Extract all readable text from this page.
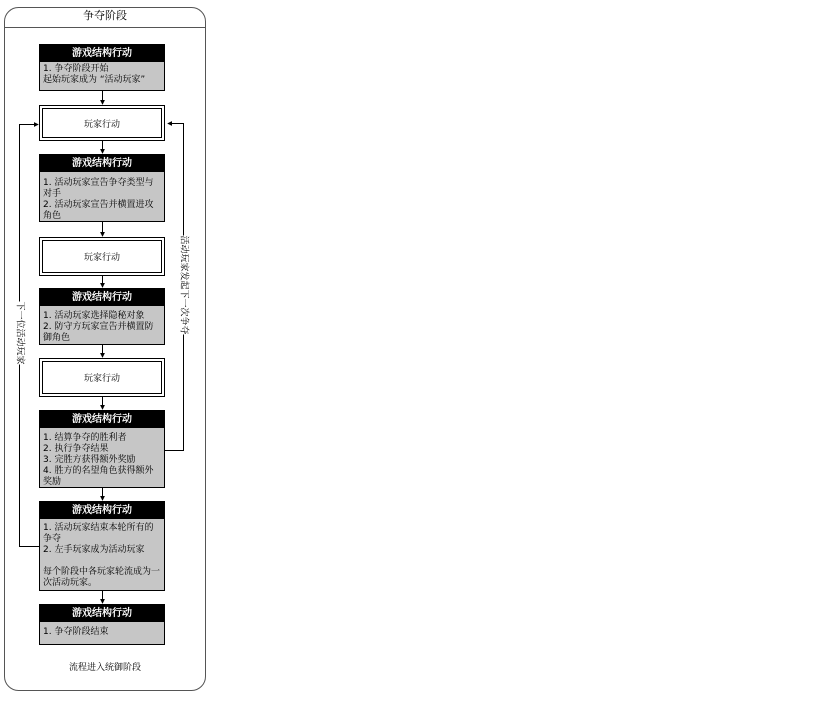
争夺阶段
游戏结构行动
1. 争夺阶段开始
起始玩家成为 “活动玩家”
玩家行动
游戏结构行动
1. 活动玩家宣告争夺类型与对手
2. 活动玩家宣告并横置进攻角色
玩家行动
游戏结构行动
1. 活动玩家选择隐秘对象
2. 防守方玩家宣告并横置防御角色
玩家行动
游戏结构行动
1. 结算争夺的胜利者
2. 执行争夺结果
3. 完胜方获得额外奖励
4. 胜方的名望角色获得额外奖励
游戏结构行动
1. 活动玩家结束本轮所有的争夺
2. 左手玩家成为活动玩家
每个阶段中各玩家轮流成为一次活动玩家。
游戏结构行动
1. 争夺阶段结束
下一位活动玩家	活动玩家发起下一次争夺
流程进入统御阶段
